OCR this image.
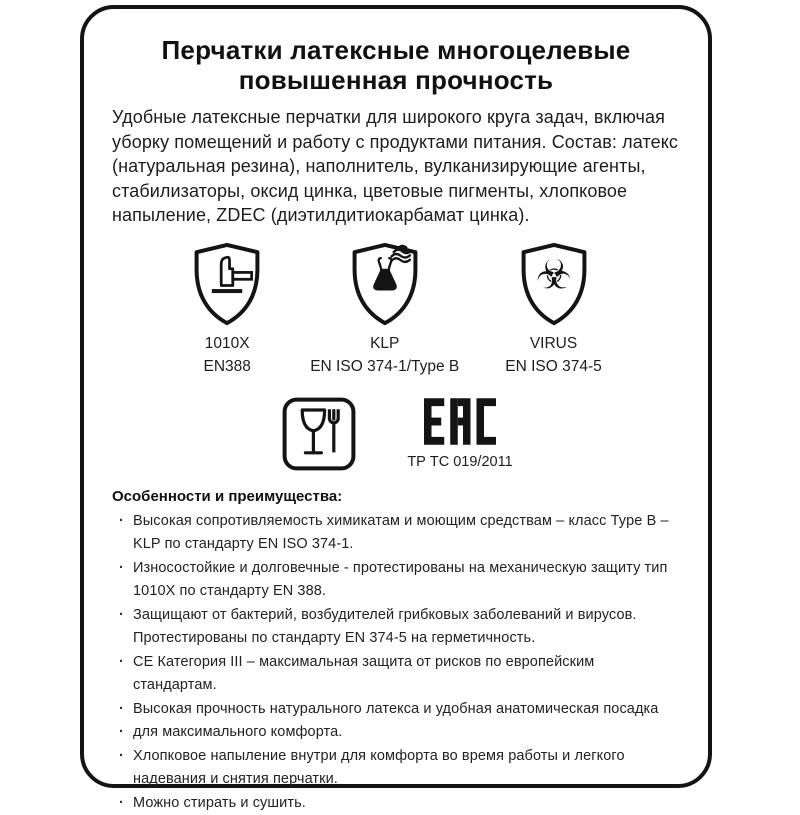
Перчатки латексные многоцелевые
повышенная прочность

Удобные латексные перчатки для широкого круга задач, включая уборку помещений и работу с продуктами питания. Состав: латекс (натуральная резина), наполнитель, вулканизирующие агенты, стабилизаторы, оксид цинка, цветовые пигменты, хлопковое напыление, ZDEC (диэтилдитиокарбамат цинка).

1010X
EN388
KLP
EN ISO 374-1/Type B
☣
VIRUS
EN ISO 374-5
ТР ТС 019/2011
Особенности и преимущества:
· Высокая сопротивляемость химикатам и моющим средствам – класс Type B – KLP по стандарту EN ISO 374-1.
· Износостойкие и долговечные - протестированы на механическую защиту тип 1010X по стандарту EN 388.
· Защищают от бактерий, возбудителей грибковых заболеваний и вирусов. Протестированы по стандарту EN 374-5 на герметичность.
· CE Категория III – максимальная защита от рисков по европейским стандартам.
· Высокая прочность натурального латекса и удобная анатомическая посадка
· для максимального комфорта.
· Хлопковое напыление внутри для комфорта во время работы и легкого надевания и снятия перчатки.
· Можно стирать и сушить.
